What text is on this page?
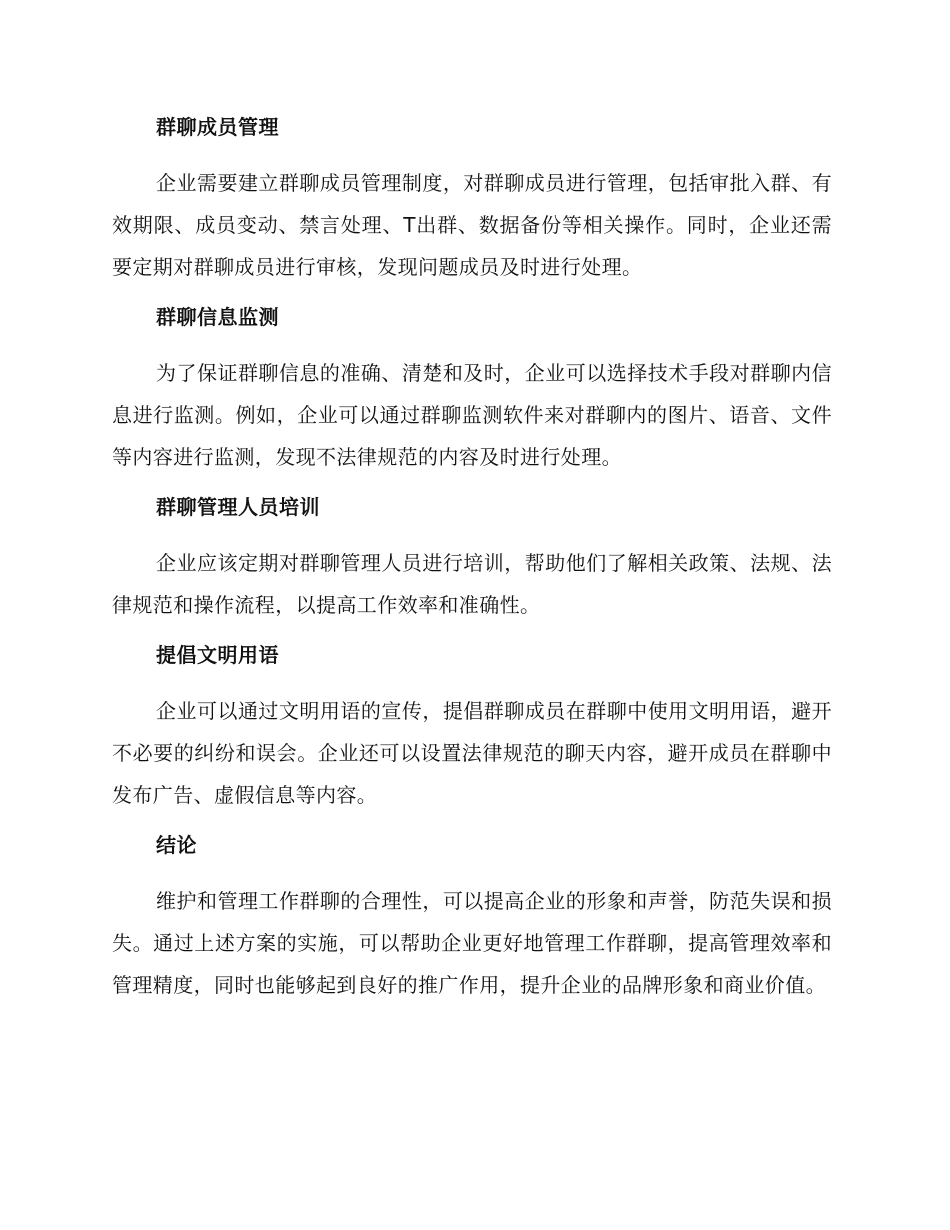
群聊成员管理

企业需要建立群聊成员管理制度，对群聊成员进行管理，包括审批入群、有效期限、成员变动、禁言处理、T出群、数据备份等相关操作。同时，企业还需要定期对群聊成员进行审核，发现问题成员及时进行处理。

群聊信息监测

为了保证群聊信息的准确、清楚和及时，企业可以选择技术手段对群聊内信息进行监测。例如，企业可以通过群聊监测软件来对群聊内的图片、语音、文件等内容进行监测，发现不法律规范的内容及时进行处理。

群聊管理人员培训

企业应该定期对群聊管理人员进行培训，帮助他们了解相关政策、法规、法律规范和操作流程，以提高工作效率和准确性。

提倡文明用语

企业可以通过文明用语的宣传，提倡群聊成员在群聊中使用文明用语，避开不必要的纠纷和误会。企业还可以设置法律规范的聊天内容，避开成员在群聊中发布广告、虚假信息等内容。

结论

维护和管理工作群聊的合理性，可以提高企业的形象和声誉，防范失误和损失。通过上述方案的实施，可以帮助企业更好地管理工作群聊，提高管理效率和管理精度，同时也能够起到良好的推广作用，提升企业的品牌形象和商业价值。
